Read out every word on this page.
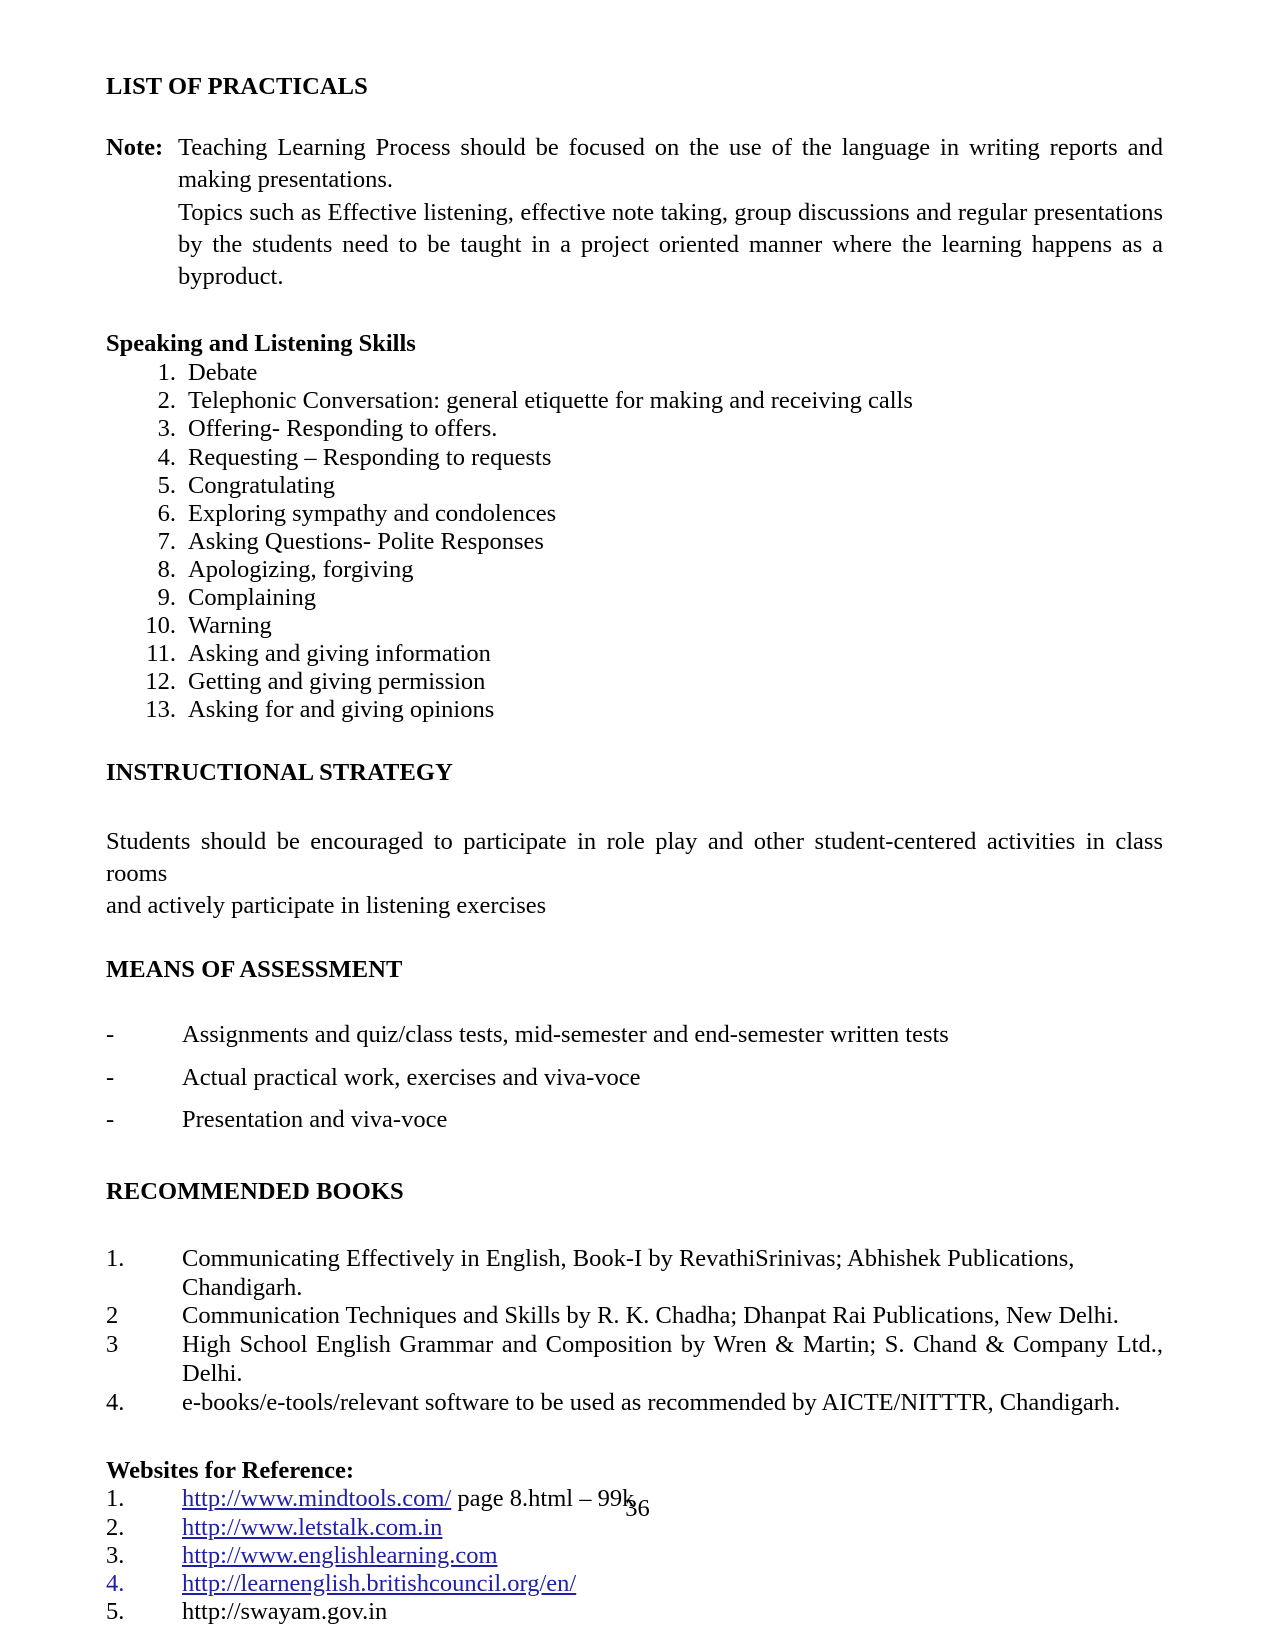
LIST OF PRACTICALS
Note: Teaching Learning Process should be focused on the use of the language in writing reports and making presentations.

Topics such as Effective listening, effective note taking, group discussions and regular presentations by the students need to be taught in a project oriented manner where the learning happens as a byproduct.

Speaking and Listening Skills
1. Debate
2. Telephonic Conversation: general etiquette for making and receiving calls
3. Offering- Responding to offers.
4. Requesting – Responding to requests
5. Congratulating
6. Exploring sympathy and condolences
7. Asking Questions- Polite Responses
8. Apologizing, forgiving
9. Complaining
10. Warning
11. Asking and giving information
12. Getting and giving permission
13. Asking for and giving opinions
INSTRUCTIONAL STRATEGY

Students should be encouraged to participate in role play and other student-centered activities in class rooms
and actively participate in listening exercises

MEANS OF ASSESSMENT
-	Assignments and quiz/class tests, mid-semester and end-semester written tests
-	Actual practical work, exercises and viva-voce
-	Presentation and viva-voce
RECOMMENDED BOOKS
1.	Communicating Effectively in English, Book-I by RevathiSrinivas; Abhishek Publications, Chandigarh.
2	Communication Techniques and Skills by R. K. Chadha; Dhanpat Rai Publications, New Delhi.
3	High School English Grammar and Composition by Wren & Martin; S. Chand & Company Ltd., Delhi.
4.	e-books/e-tools/relevant software to be used as recommended by AICTE/NITTTR, Chandigarh.
Websites for Reference:
1.	http://www.mindtools.com/ page 8.html – 99k
2.	http://www.letstalk.com.in
3.	http://www.englishlearning.com
4.	http://learnenglish.britishcouncil.org/en/
5.	http://swayam.gov.in
36
